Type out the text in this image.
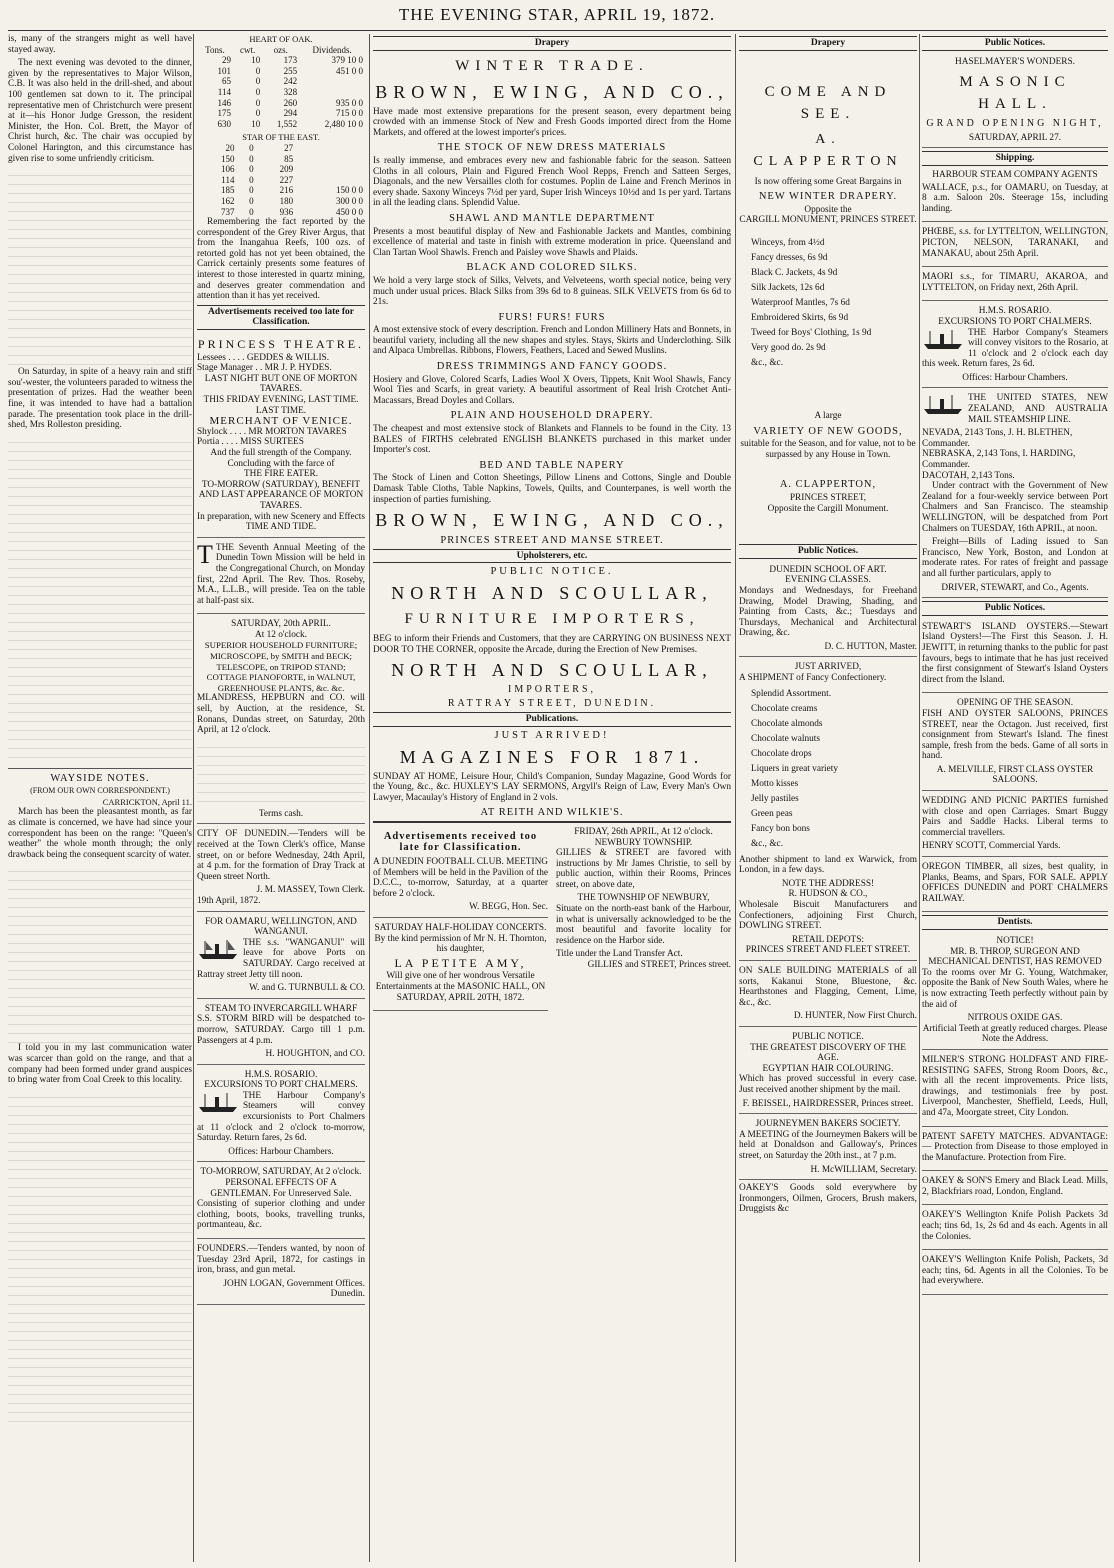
THE EVENING STAR, APRIL 19, 1872.

is, many of the strangers might as well have stayed away.

The next evening was devoted to the dinner, given by the representatives to Major Wilson, C.B. It was also held in the drill-shed, and about 100 gentlemen sat down to it. The principal representative men of Christchurch were present at it—his Honor Judge Gresson, the resident Minister, the Hon. Col. Brett, the Mayor of Christ hurch, &c. The chair was occupied by Colonel Harington, and this circumstance has given rise to some unfriendly criticism.

On Saturday, in spite of a heavy rain and stiff sou'-wester, the volunteers paraded to witness the presentation of prizes. Had the weather been fine, it was intended to have had a battalion parade. The presentation took place in the drill-shed, Mrs Rolleston presiding.

WAYSIDE NOTES.
(FROM OUR OWN CORRESPONDENT.)
CARRICKTON, April 11.

March has been the pleasantest month, as far as climate is concerned, we have had since your correspondent has been on the range: "Queen's weather" the whole month through; the only drawback being the consequent scarcity of water.

I told you in my last communication water was scarcer than gold on the range, and that a company had been formed under grand auspices to bring water from Coal Creek to this locality.

HEART OF OAK.
Tons.	cwt.	ozs.	Dividends.
29	10	173	379 10 0
101	0	255	451 0 0
65	0	242	
114	0	328	
146	0	260	935 0 0
175	0	294	715 0 0
630	10	1,552	2,480 10 0
STAR OF THE EAST.
20	0	27	
150	0	85	
106	0	209	
114	0	227	
185	0	216	150 0 0
162	0	180	300 0 0
737	0	936	450 0 0

Remembering the fact reported by the correspondent of the Grey River Argus, that from the Inangahua Reefs, 100 ozs. of retorted gold has not yet been obtained, the Carrick certainly presents some features of interest to those interested in quartz mining, and deserves greater commendation and attention than it has yet received.

Advertisements received too late for Classification.
PRINCESS THEATRE.
Lessees . . . . GEDDES & WILLIS.
Stage Manager . . MR J. P. HYDES.
LAST NIGHT BUT ONE OF MORTON TAVARES.
THIS FRIDAY EVENING, LAST TIME. LAST TIME.
MERCHANT OF VENICE.
Shylock . . . . MR MORTON TAVARES
Portia . . . . MISS SURTEES
And the full strength of the Company. Concluding with the farce of
THE FIRE EATER.
TO-MORROW (SATURDAY), BENEFIT AND LAST APPEARANCE OF MORTON TAVARES.
In preparation, with new Scenery and Effects
TIME AND TIDE.
T THE Seventh Annual Meeting of the Dunedin Town Mission will be held in the Congregational Church, on Monday first, 22nd April. The Rev. Thos. Roseby, M.A., L.L.B., will preside. Tea on the table at half-past six.

SATURDAY, 20th APRIL.
At 12 o'clock.
SUPERIOR HOUSEHOLD FURNITURE; MICROSCOPE, by SMITH and BECK; TELESCOPE, on TRIPOD STAND; COTTAGE PIANOFORTE, in WALNUT, GREENHOUSE PLANTS, &c. &c.

MLANDRESS, HEPBURN and CO. will sell, by Auction, at the residence, St. Ronans, Dundas street, on Saturday, 20th April, at 12 o'clock.

Terms cash.

CITY OF DUNEDIN.—Tenders will be received at the Town Clerk's office, Manse street, on or before Wednesday, 24th April, at 4 p.m. for the formation of Dray Track at Queen street North.

J. M. MASSEY, Town Clerk.
19th April, 1872.
FOR OAMARU, WELLINGTON, AND WANGANUI.

THE s.s. "WANGANUI" will leave for above Ports on SATURDAY. Cargo received at Rattray street Jetty till noon.

W. and G. TURNBULL & CO.
STEAM TO INVERCARGILL WHARF

S.S. STORM BIRD will be despatched to-morrow, SATURDAY. Cargo till 1 p.m. Passengers at 4 p.m.

H. HOUGHTON, and CO.
H.M.S. ROSARIO.
EXCURSIONS TO PORT CHALMERS.

THE Harbour Company's Steamers will convey excursionists to Port Chalmers at 11 o'clock and 2 o'clock to-morrow, Saturday. Return fares, 2s 6d.

Offices: Harbour Chambers.
TO-MORROW, SATURDAY, At 2 o'clock.
PERSONAL EFFECTS OF A GENTLEMAN. For Unreserved Sale.

Consisting of superior clothing and under clothing, boots, books, travelling trunks, portmanteau, &c.

FOUNDERS.—Tenders wanted, by noon of Tuesday 23rd April, 1872, for castings in iron, brass, and gun metal.

JOHN LOGAN, Government Offices. Dunedin.
Drapery
WINTER TRADE.
BROWN, EWING, AND CO.,

Have made most extensive preparations for the present season, every department being crowded with an immense Stock of New and Fresh Goods imported direct from the Home Markets, and offered at the lowest importer's prices.

THE STOCK OF NEW DRESS MATERIALS

Is really immense, and embraces every new and fashionable fabric for the season. Satteen Cloths in all colours, Plain and Figured French Wool Repps, French and Satteen Serges, Diagonals, and the new Versailles cloth for costumes. Poplin de Laine and French Merinos in every shade. Saxony Winceys 7½d per yard, Super Irish Winceys 10½d and 1s per yard. Tartans in all the leading clans. Splendid Value.

SHAWL AND MANTLE DEPARTMENT

Presents a most beautiful display of New and Fashionable Jackets and Mantles, combining excellence of material and taste in finish with extreme moderation in price. Queensland and Clan Tartan Wool Shawls. French and Paisley wove Shawls and Plaids.

BLACK AND COLORED SILKS.

We hold a very large stock of Silks, Velvets, and Velveteens, worth special notice, being very much under usual prices. Black Silks from 39s 6d to 8 guineas. SILK VELVETS from 6s 6d to 21s.

FURS! FURS! FURS

A most extensive stock of every description. French and London Millinery Hats and Bonnets, in beautiful variety, including all the new shapes and styles. Stays, Skirts and Underclothing. Silk and Alpaca Umbrellas. Ribbons, Flowers, Feathers, Laced and Sewed Muslins.

DRESS TRIMMINGS AND FANCY GOODS.

Hosiery and Glove, Colored Scarfs, Ladies Wool X Overs, Tippets, Knit Wool Shawls, Fancy Wool Ties and Scarfs, in great variety. A beautiful assortment of Real Irish Crotchet Anti-Macassars, Bread Doyles and Collars.

PLAIN AND HOUSEHOLD DRAPERY.

The cheapest and most extensive stock of Blankets and Flannels to be found in the City. 13 BALES of FIRTHS celebrated ENGLISH BLANKETS purchased in this market under Importer's cost.

BED AND TABLE NAPERY

The Stock of Linen and Cotton Sheetings, Pillow Linens and Cottons, Single and Double Damask Table Cloths, Table Napkins, Towels, Quilts, and Counterpanes, is well worth the inspection of parties furnishing.

BROWN, EWING, AND CO.,
PRINCES STREET AND MANSE STREET.
Upholsterers, etc.
PUBLIC NOTICE.
NORTH AND SCOULLAR,
FURNITURE IMPORTERS,

BEG to inform their Friends and Customers, that they are CARRYING ON BUSINESS NEXT DOOR TO THE CORNER, opposite the Arcade, during the Erection of New Premises.

NORTH AND SCOULLAR,
IMPORTERS,
RATTRAY STREET, DUNEDIN.
Publications.
JUST ARRIVED!
MAGAZINES FOR 1871.

SUNDAY AT HOME, Leisure Hour, Child's Companion, Sunday Magazine, Good Words for the Young, &c., &c. HUXLEY'S LAY SERMONS, Argyll's Reign of Law, Every Man's Own Lawyer, Macaulay's History of England in 2 vols.

AT REITH AND WILKIE'S.
Advertisements received too late for Classification.

A DUNEDIN FOOTBALL CLUB. MEETING of Members will be held in the Pavilion of the D.C.C., to-morrow, Saturday, at a quarter before 2 o'clock.

W. BEGG, Hon. Sec.
SATURDAY HALF-HOLIDAY CONCERTS.

By the kind permission of Mr N. H. Thornton, his daughter,

LA PETITE AMY,

Will give one of her wondrous Versatile Entertainments at the MASONIC HALL, ON SATURDAY, APRIL 20TH, 1872.

FRIDAY, 26th APRIL, At 12 o'clock.
NEWBURY TOWNSHIP.

GILLIES & STREET are favored with instructions by Mr James Christie, to sell by public auction, within their Rooms, Princes street, on above date,

THE TOWNSHIP OF NEWBURY,

Situate on the north-east bank of the Harbour, in what is universally acknowledged to be the most beautiful and favorite locality for residence on the Harbor side.

Title under the Land Transfer Act.
GILLIES and STREET, Princes street.
Drapery
COME AND SEE.
A. CLAPPERTON
Is now offering some Great Bargains in
NEW WINTER DRAPERY.
Opposite the
CARGILL MONUMENT, PRINCES STREET.
Winceys, from 4½d
Fancy dresses, 6s 9d
Black C. Jackets, 4s 9d
Silk Jackets, 12s 6d
Waterproof Mantles, 7s 6d
Embroidered Skirts, 6s 9d
Tweed for Boys' Clothing, 1s 9d
Very good do. 2s 9d
&c., &c.
A large
VARIETY OF NEW GOODS,
suitable for the Season, and for value, not to be surpassed by any House in Town.
A. CLAPPERTON,
PRINCES STREET,
Opposite the Cargill Monument.
Public Notices.
DUNEDIN SCHOOL OF ART.
EVENING CLASSES.

Mondays and Wednesdays, for Freehand Drawing, Model Drawing, Shading, and Painting from Casts, &c.; Tuesdays and Thursdays, Mechanical and Architectural Drawing, &c.

D. C. HUTTON, Master.
JUST ARRIVED,
A SHIPMENT of Fancy Confectionery.
Splendid Assortment.
Chocolate creams
Chocolate almonds
Chocolate walnuts
Chocolate drops
Liquers in great variety
Motto kisses
Jelly pastiles
Green peas
Fancy bon bons
&c., &c.

Another shipment to land ex Warwick, from London, in a few days.

NOTE THE ADDRESS!
R. HUDSON & CO.,

Wholesale Biscuit Manufacturers and Confectioners, adjoining First Church, DOWLING STREET.

RETAIL DEPOTS:
PRINCES STREET AND FLEET STREET.

ON SALE BUILDING MATERIALS of all sorts, Kakanui Stone, Bluestone, &c. Hearthstones and Flagging, Cement, Lime, &c., &c.

D. HUNTER, Now First Church.
PUBLIC NOTICE.
THE GREATEST DISCOVERY OF THE AGE.
EGYPTIAN HAIR COLOURING.

Which has proved successful in every case. Just received another shipment by the mail.

F. BEISSEL, HAIRDRESSER, Princes street.
JOURNEYMEN BAKERS SOCIETY.

A MEETING of the Journeymen Bakers will be held at Donaldson and Galloway's, Princes street, on Saturday the 20th inst., at 7 p.m.

H. McWILLIAM, Secretary.

OAKEY'S Goods sold everywhere by Ironmongers, Oilmen, Grocers, Brush makers, Druggists &c

Public Notices.
HASELMAYER'S WONDERS.
MASONIC HALL.
GRAND OPENING NIGHT,
SATURDAY, APRIL 27.
Shipping.
HARBOUR STEAM COMPANY AGENTS

WALLACE, p.s., for OAMARU, on Tuesday, at 8 a.m. Saloon 20s. Steerage 15s, including landing.

PHŒBE, s.s. for LYTTELTON, WELLINGTON, PICTON, NELSON, TARANAKI, and MANAKAU, about 25th April.

MAORI s.s., for TIMARU, AKAROA, and LYTTELTON, on Friday next, 26th April.

H.M.S. ROSARIO.
EXCURSIONS TO PORT CHALMERS.

THE Harbor Company's Steamers will convey visitors to the Rosario, at 11 o'clock and 2 o'clock each day this week. Return fares, 2s 6d.

Offices: Harbour Chambers.

THE UNITED STATES, NEW ZEALAND, AND AUSTRALIA MAIL STEAMSHIP LINE.

NEVADA, 2143 Tons, J. H. BLETHEN, Commander.
NEBRASKA, 2,143 Tons, I. HARDING, Commander.
DACOTAH, 2,143 Tons.

Under contract with the Government of New Zealand for a four-weekly service between Port Chalmers and San Francisco. The steamship WELLINGTON, will be despatched from Port Chalmers on TUESDAY, 16th APRIL, at noon.

Freight—Bills of Lading issued to San Francisco, New York, Boston, and London at moderate rates. For rates of freight and passage and all further particulars, apply to

DRIVER, STEWART, and Co., Agents.
Public Notices.

STEWART'S ISLAND OYSTERS.—Stewart Island Oysters!—The First this Season. J. H. JEWITT, in returning thanks to the public for past favours, begs to intimate that he has just received the first consignment of Stewart's Island Oysters direct from the Island.

OPENING OF THE SEASON.

FISH AND OYSTER SALOONS, PRINCES STREET, near the Octagon. Just received, first consignment from Stewart's Island. The finest sample, fresh from the beds. Game of all sorts in hand.

A. MELVILLE, FIRST CLASS OYSTER SALOONS.

WEDDING AND PICNIC PARTIES furnished with close and open Carriages. Smart Buggy Pairs and Saddle Hacks. Liberal terms to commercial travellers.

HENRY SCOTT, Commercial Yards.

OREGON TIMBER, all sizes, best quality, in Planks, Beams, and Spars, FOR SALE. APPLY OFFICES DUNEDIN and PORT CHALMERS RAILWAY.

Dentists.
NOTICE!
MR. B. THROP, SURGEON AND MECHANICAL DENTIST, HAS REMOVED

To the rooms over Mr G. Young, Watchmaker, opposite the Bank of New South Wales, where he is now extracting Teeth perfectly without pain by the aid of

NITROUS OXIDE GAS.
Artificial Teeth at greatly reduced charges. Please Note the Address.

MILNER'S STRONG HOLDFAST AND FIRE-RESISTING SAFES, Strong Room Doors, &c., with all the recent improvements. Price lists, drawings, and testimonials free by post. Liverpool, Manchester, Sheffield, Leeds, Hull, and 47a, Moorgate street, City London.

PATENT SAFETY MATCHES. ADVANTAGE:— Protection from Disease to those employed in the Manufacture. Protection from Fire.

OAKEY & SON'S Emery and Black Lead. Mills, 2, Blackfriars road, London, England.

OAKEY'S Wellington Knife Polish Packets 3d each; tins 6d, 1s, 2s 6d and 4s each. Agents in all the Colonies.

OAKEY'S Wellington Knife Polish, Packets, 3d each; tins, 6d. Agents in all the Colonies. To be had everywhere.
